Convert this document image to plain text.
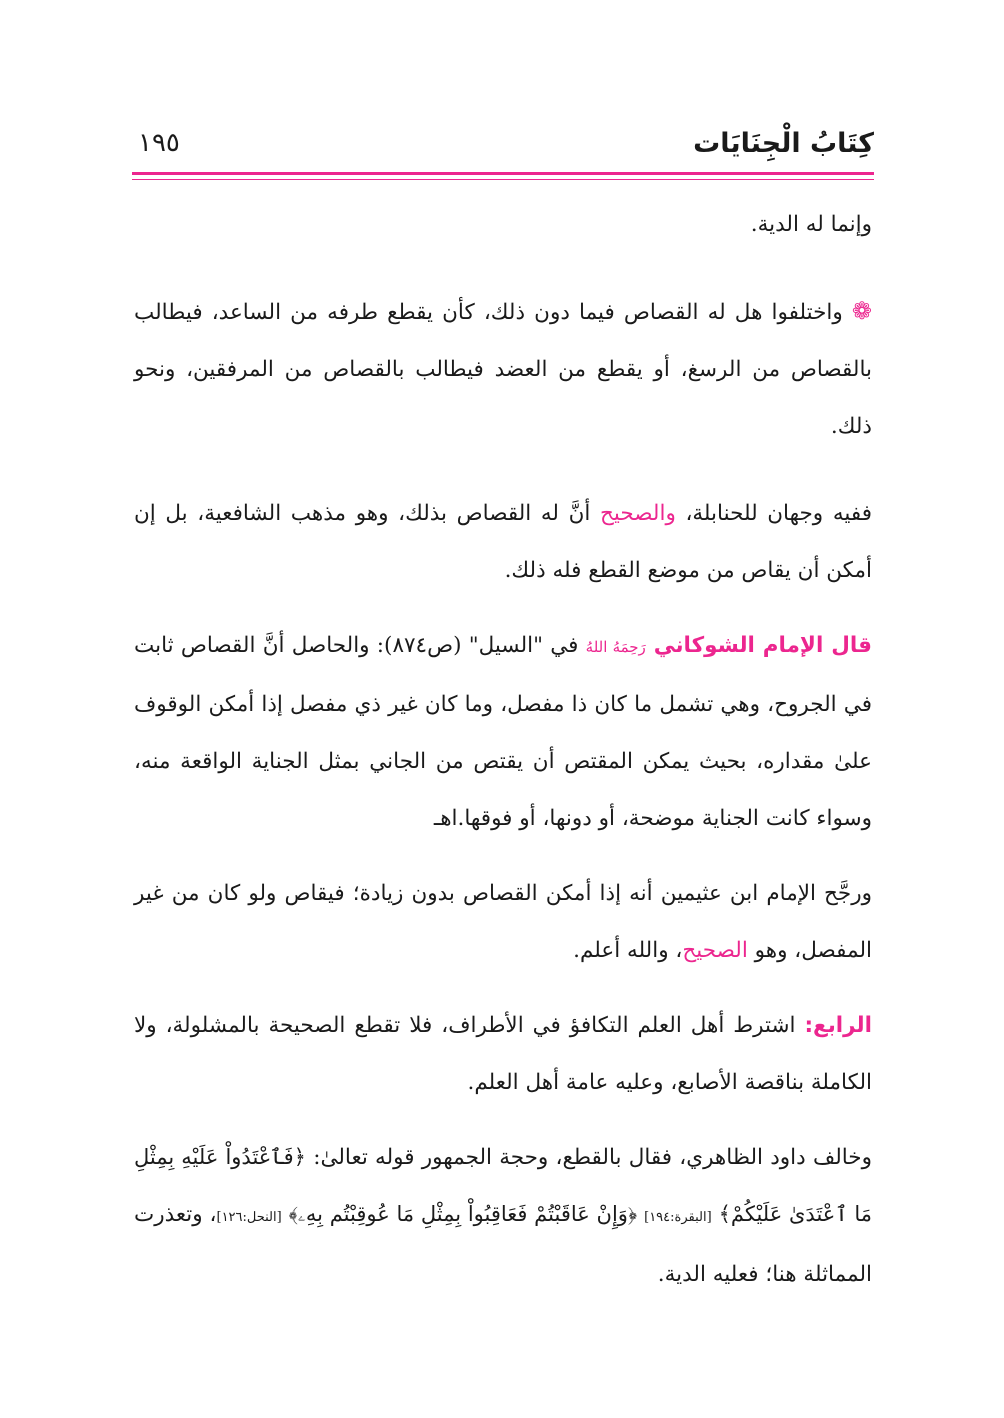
كِتَابُ الْجِنَايَات
١٩٥

وإنما له الدية.

❁ واختلفوا هل له القصاص فيما دون ذلك، كأن يقطع طرفه من الساعد، فيطالب بالقصاص من الرسغ، أو يقطع من العضد فيطالب بالقصاص من المرفقين، ونحو ذلك.

ففيه وجهان للحنابلة، والصحيح أنَّ له القصاص بذلك، وهو مذهب الشافعية، بل إن أمكن أن يقاص من موضع القطع فله ذلك.

قال الإمام الشوكاني رَحِمَهُ اللهُ في "السيل" (ص٨٧٤): والحاصل أنَّ القصاص ثابت في الجروح، وهي تشمل ما كان ذا مفصل، وما كان غير ذي مفصل إذا أمكن الوقوف علىٰ مقداره، بحيث يمكن المقتص أن يقتص من الجاني بمثل الجناية الواقعة منه، وسواء كانت الجناية موضحة، أو دونها، أو فوقها.اهـ

ورجَّح الإمام ابن عثيمين أنه إذا أمكن القصاص بدون زيادة؛ فيقاص ولو كان من غير المفصل، وهو الصحيح، والله أعلم.

الرابع: اشترط أهل العلم التكافؤ في الأطراف، فلا تقطع الصحيحة بالمشلولة، ولا الكاملة بناقصة الأصابع، وعليه عامة أهل العلم.

وخالف داود الظاهري، فقال بالقطع، وحجة الجمهور قوله تعالىٰ: ﴿فَٱعْتَدُواْ عَلَيْهِ بِمِثْلِ مَا ٱعْتَدَىٰ عَلَيْكُمْ﴾ [البقرة:١٩٤] ﴿وَإِنْ عَاقَبْتُمْ فَعَاقِبُواْ بِمِثْلِ مَا عُوقِبْتُم بِهِۦ﴾ [النحل:١٢٦]، وتعذرت المماثلة هنا؛ فعليه الدية.
